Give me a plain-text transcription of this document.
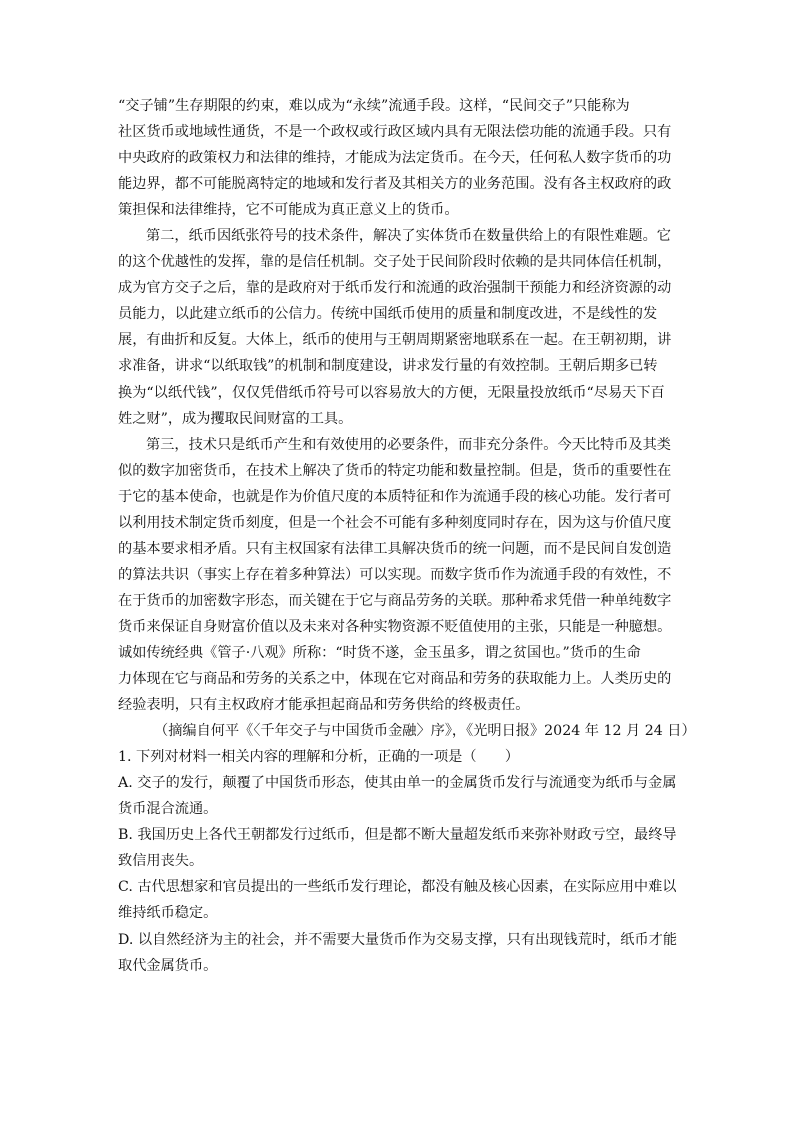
“交子铺”生存期限的约束，难以成为“永续”流通手段。这样，“民间交子”只能称为
社区货币或地域性通货，不是一个政权或行政区域内具有无限法偿功能的流通手段。只有
中央政府的政策权力和法律的维持，才能成为法定货币。在今天，任何私人数字货币的功
能边界，都不可能脱离特定的地域和发行者及其相关方的业务范围。没有各主权政府的政
策担保和法律维持，它不可能成为真正意义上的货币。
第二，纸币因纸张符号的技术条件，解决了实体货币在数量供给上的有限性难题。它
的这个优越性的发挥，靠的是信任机制。交子处于民间阶段时依赖的是共同体信任机制，
成为官方交子之后，靠的是政府对于纸币发行和流通的政治强制干预能力和经济资源的动
员能力，以此建立纸币的公信力。传统中国纸币使用的质量和制度改进，不是线性的发
展，有曲折和反复。大体上，纸币的使用与王朝周期紧密地联系在一起。在王朝初期，讲
求准备，讲求“以纸取钱”的机制和制度建设，讲求发行量的有效控制。王朝后期多已转
换为“以纸代钱”，仅仅凭借纸币符号可以容易放大的方便，无限量投放纸币“尽易天下百
姓之财”，成为攫取民间财富的工具。
第三，技术只是纸币产生和有效使用的必要条件，而非充分条件。今天比特币及其类
似的数字加密货币，在技术上解决了货币的特定功能和数量控制。但是，货币的重要性在
于它的基本使命，也就是作为价值尺度的本质特征和作为流通手段的核心功能。发行者可
以利用技术制定货币刻度，但是一个社会不可能有多种刻度同时存在，因为这与价值尺度
的基本要求相矛盾。只有主权国家有法律工具解决货币的统一问题，而不是民间自发创造
的算法共识（事实上存在着多种算法）可以实现。而数字货币作为流通手段的有效性，不
在于货币的加密数字形态，而关键在于它与商品劳务的关联。那种希求凭借一种单纯数字
货币来保证自身财富价值以及未来对各种实物资源不贬值使用的主张，只能是一种臆想。
诚如传统经典《管子·八观》所称：“时货不遂，金玉虽多，谓之贫国也。”货币的生命
力体现在它与商品和劳务的关系之中，体现在它对商品和劳务的获取能力上。人类历史的
经验表明，只有主权政府才能承担起商品和劳务供给的终极责任。
（摘编自何平《〈千年交子与中国货币金融〉序》，《光明日报》2024 年 12 月 24 日）
1. 下列对材料一相关内容的理解和分析，正确的一项是（　　）
A. 交子的发行，颠覆了中国货币形态，使其由单一的金属货币发行与流通变为纸币与金属
货币混合流通。
B. 我国历史上各代王朝都发行过纸币，但是都不断大量超发纸币来弥补财政亏空，最终导
致信用丧失。
C. 古代思想家和官员提出的一些纸币发行理论，都没有触及核心因素，在实际应用中难以
维持纸币稳定。
D. 以自然经济为主的社会，并不需要大量货币作为交易支撑，只有出现钱荒时，纸币才能
取代金属货币。
